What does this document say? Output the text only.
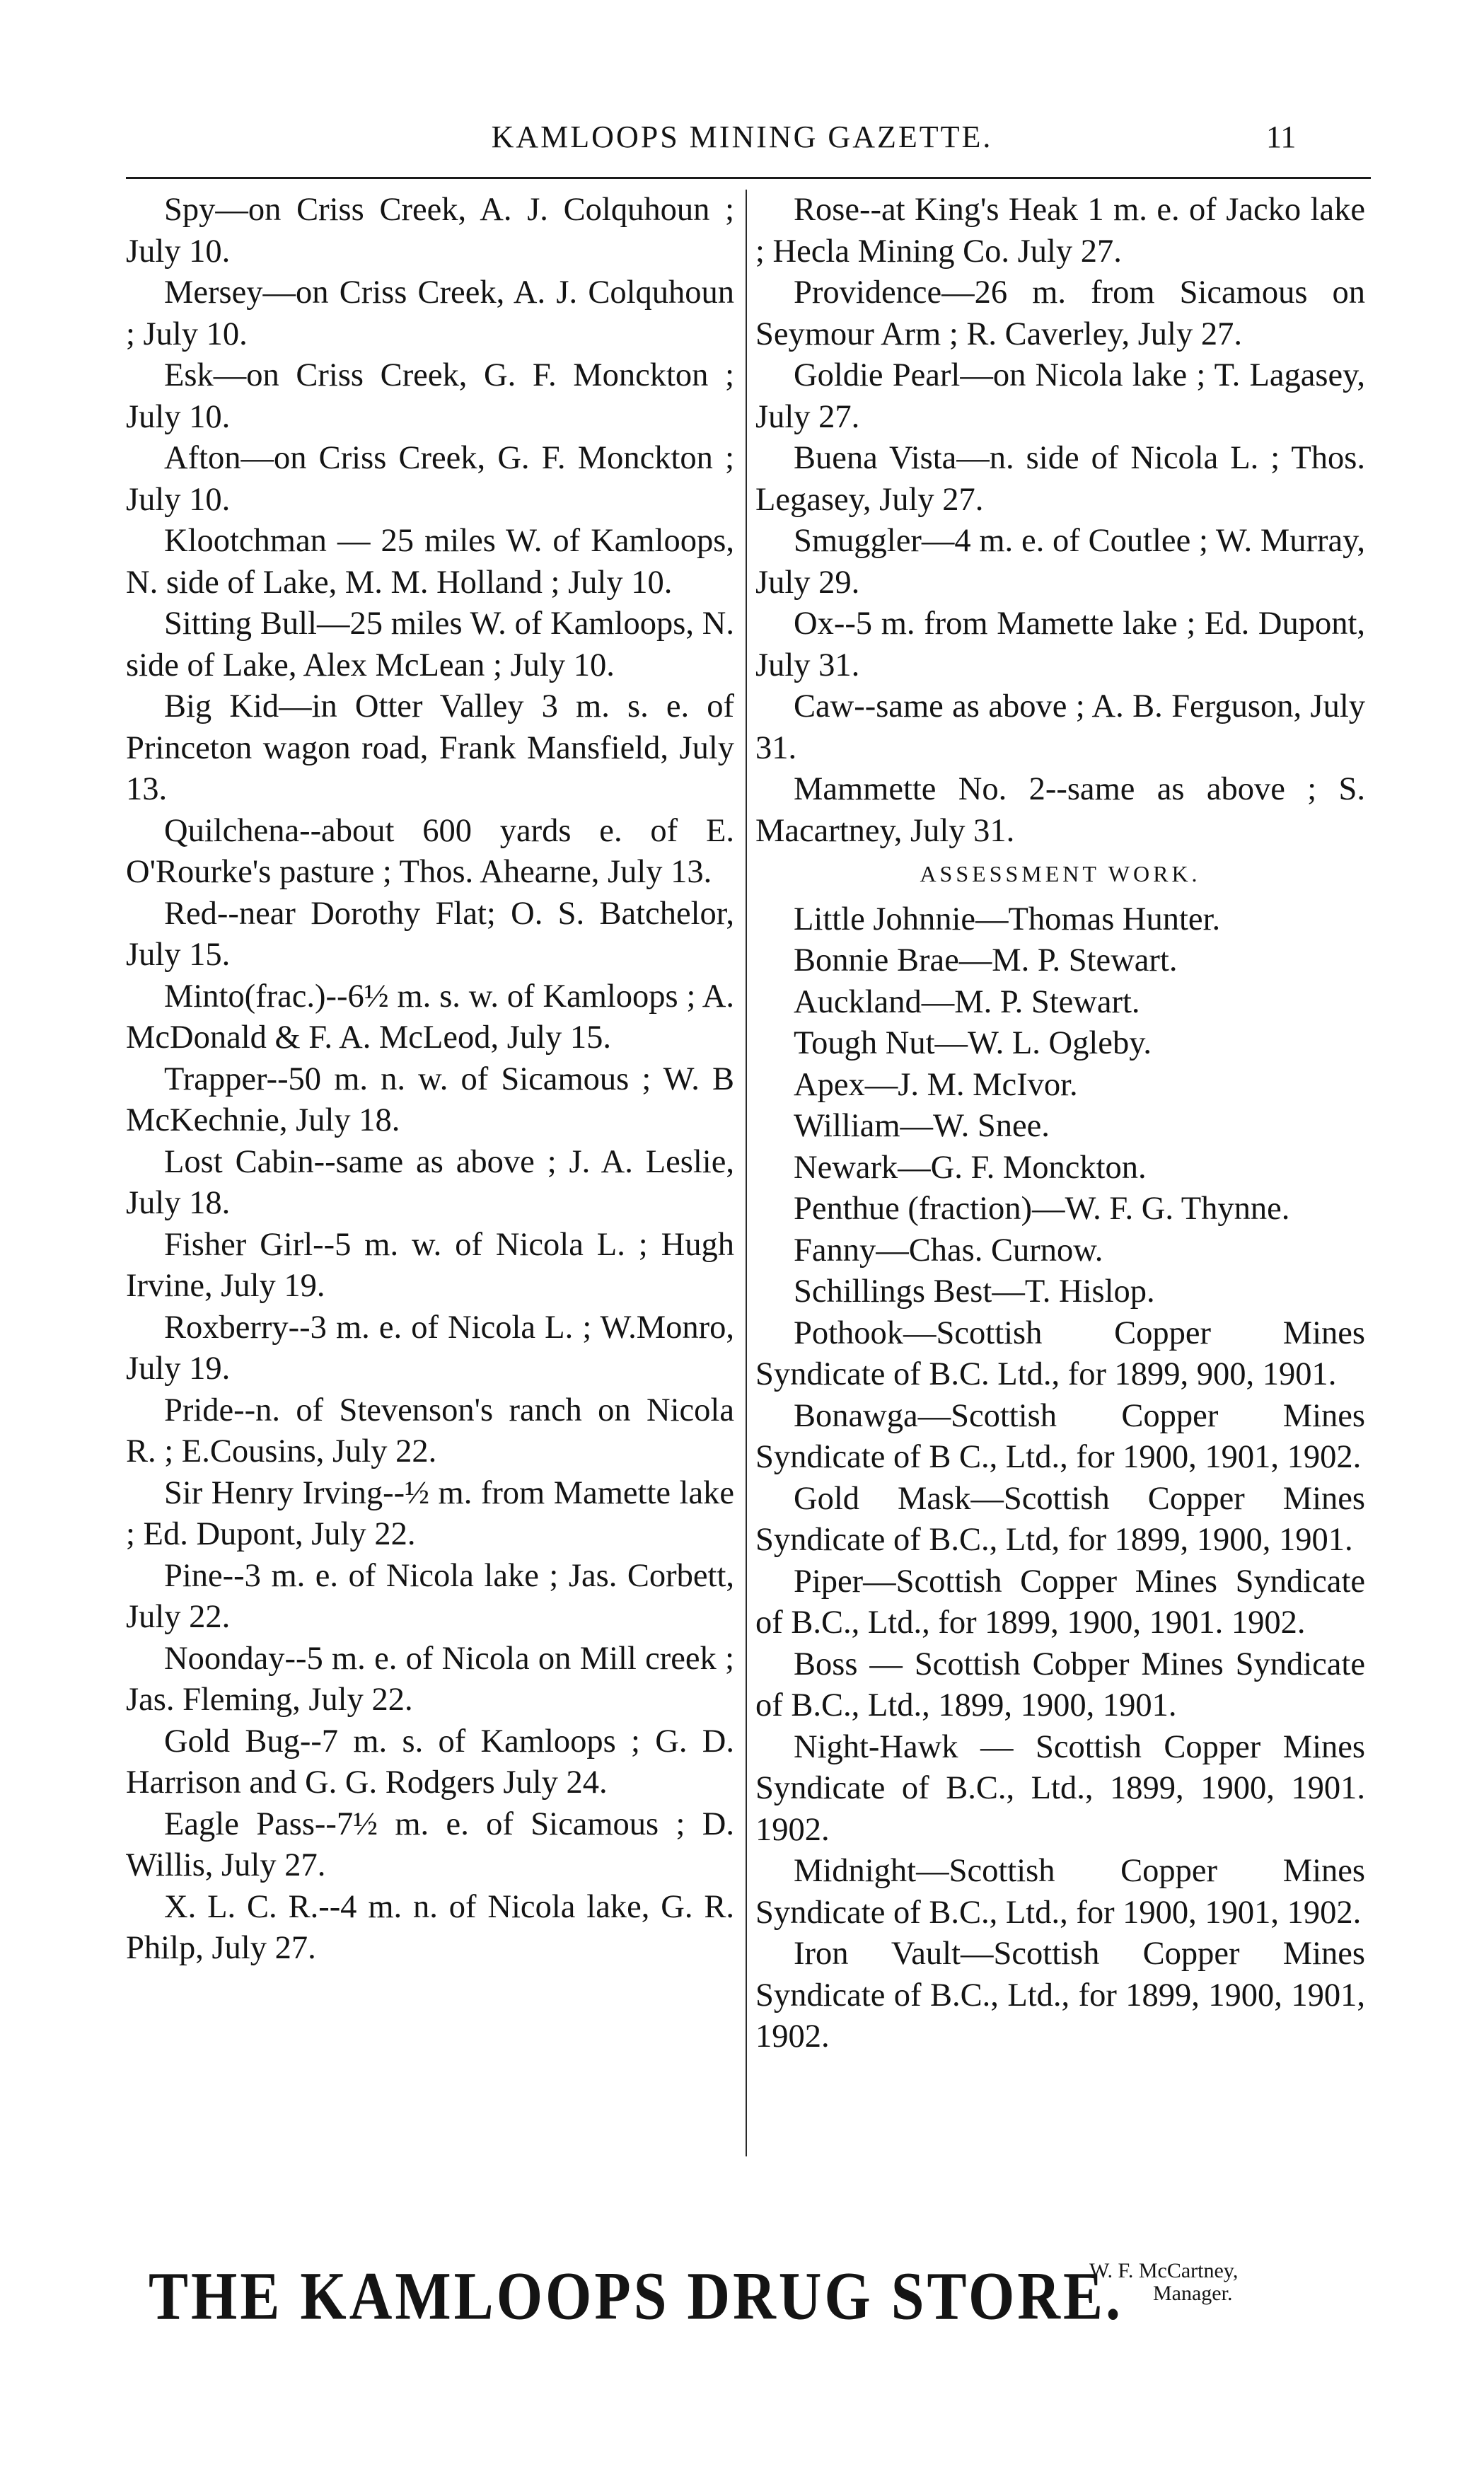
KAMLOOPS MINING GAZETTE.	11

Spy—on Criss Creek, A. J. Colquhoun ; July 10.

Mersey—on Criss Creek, A. J. Colquhoun ; July 10.

Esk—on Criss Creek, G. F. Monckton ; July 10.

Afton—on Criss Creek, G. F. Monckton ; July 10.

Klootchman — 25 miles W. of Kamloops, N. side of Lake, M. M. Holland ; July 10.

Sitting Bull—25 miles W. of Kamloops, N. side of Lake, Alex McLean ; July 10.

Big Kid—in Otter Valley 3 m. s. e. of Princeton wagon road, Frank Mansfield, July 13.

Quilchena--about 600 yards e. of E. O'Rourke's pasture ; Thos. Ahearne, July 13.

Red--near Dorothy Flat; O. S. Batchelor, July 15.

Minto(frac.)--6½ m. s. w. of Kamloops ; A. McDonald & F. A. McLeod, July 15.

Trapper--50 m. n. w. of Sicamous ; W. B McKechnie, July 18.

Lost Cabin--same as above ; J. A. Leslie, July 18.

Fisher Girl--5 m. w. of Nicola L. ; Hugh Irvine, July 19.

Roxberry--3 m. e. of Nicola L. ; W.Monro, July 19.

Pride--n. of Stevenson's ranch on Nicola R. ; E.Cousins, July 22.

Sir Henry Irving--½ m. from Mamette lake ; Ed. Dupont, July 22.

Pine--3 m. e. of Nicola lake ; Jas. Corbett, July 22.

Noonday--5 m. e. of Nicola on Mill creek ; Jas. Fleming, July 22.

Gold Bug--7 m. s. of Kamloops ; G. D. Harrison and G. G. Rodgers July 24.

Eagle Pass--7½ m. e. of Sicamous ; D. Willis, July 27.

X. L. C. R.--4 m. n. of Nicola lake, G. R. Philp, July 27.

Rose--at King's Heak 1 m. e. of Jacko lake ; Hecla Mining Co. July 27.

Providence—26 m. from Sicamous on Seymour Arm ; R. Caverley, July 27.

Goldie Pearl—on Nicola lake ; T. Lagasey, July 27.

Buena Vista—n. side of Nicola L. ; Thos. Legasey, July 27.

Smuggler—4 m. e. of Coutlee ; W. Murray, July 29.

Ox--5 m. from Mamette lake ; Ed. Dupont, July 31.

Caw--same as above ; A. B. Ferguson, July 31.

Mammette No. 2--same as above ; S. Macartney, July 31.

ASSESSMENT WORK.

Little Johnnie—Thomas Hunter.

Bonnie Brae—M. P. Stewart.

Auckland—M. P. Stewart.

Tough Nut—W. L. Ogleby.

Apex—J. M. McIvor.

William—W. Snee.

Newark—G. F. Monckton.

Penthue (fraction)—W. F. G. Thynne.

Fanny—Chas. Curnow.

Schillings Best—T. Hislop.

Pothook—Scottish Copper Mines Syndicate of B.C. Ltd., for 1899, 900, 1901.

Bonawga—Scottish Copper Mines Syndicate of B C., Ltd., for 1900, 1901, 1902.

Gold Mask—Scottish Copper Mines Syndicate of B.C., Ltd, for 1899, 1900, 1901.

Piper—Scottish Copper Mines Syndicate of B.C., Ltd., for 1899, 1900, 1901. 1902.

Boss — Scottish Cobper Mines Syndicate of B.C., Ltd., 1899, 1900, 1901.

Night-Hawk — Scottish Copper Mines Syndicate of B.C., Ltd., 1899, 1900, 1901. 1902.

Midnight—Scottish Copper Mines Syndicate of B.C., Ltd., for 1900, 1901, 1902.

Iron Vault—Scottish Copper Mines Syndicate of B.C., Ltd., for 1899, 1900, 1901, 1902.

THE KAMLOOPS DRUG STORE.
W. F. McCartney,
Manager.
